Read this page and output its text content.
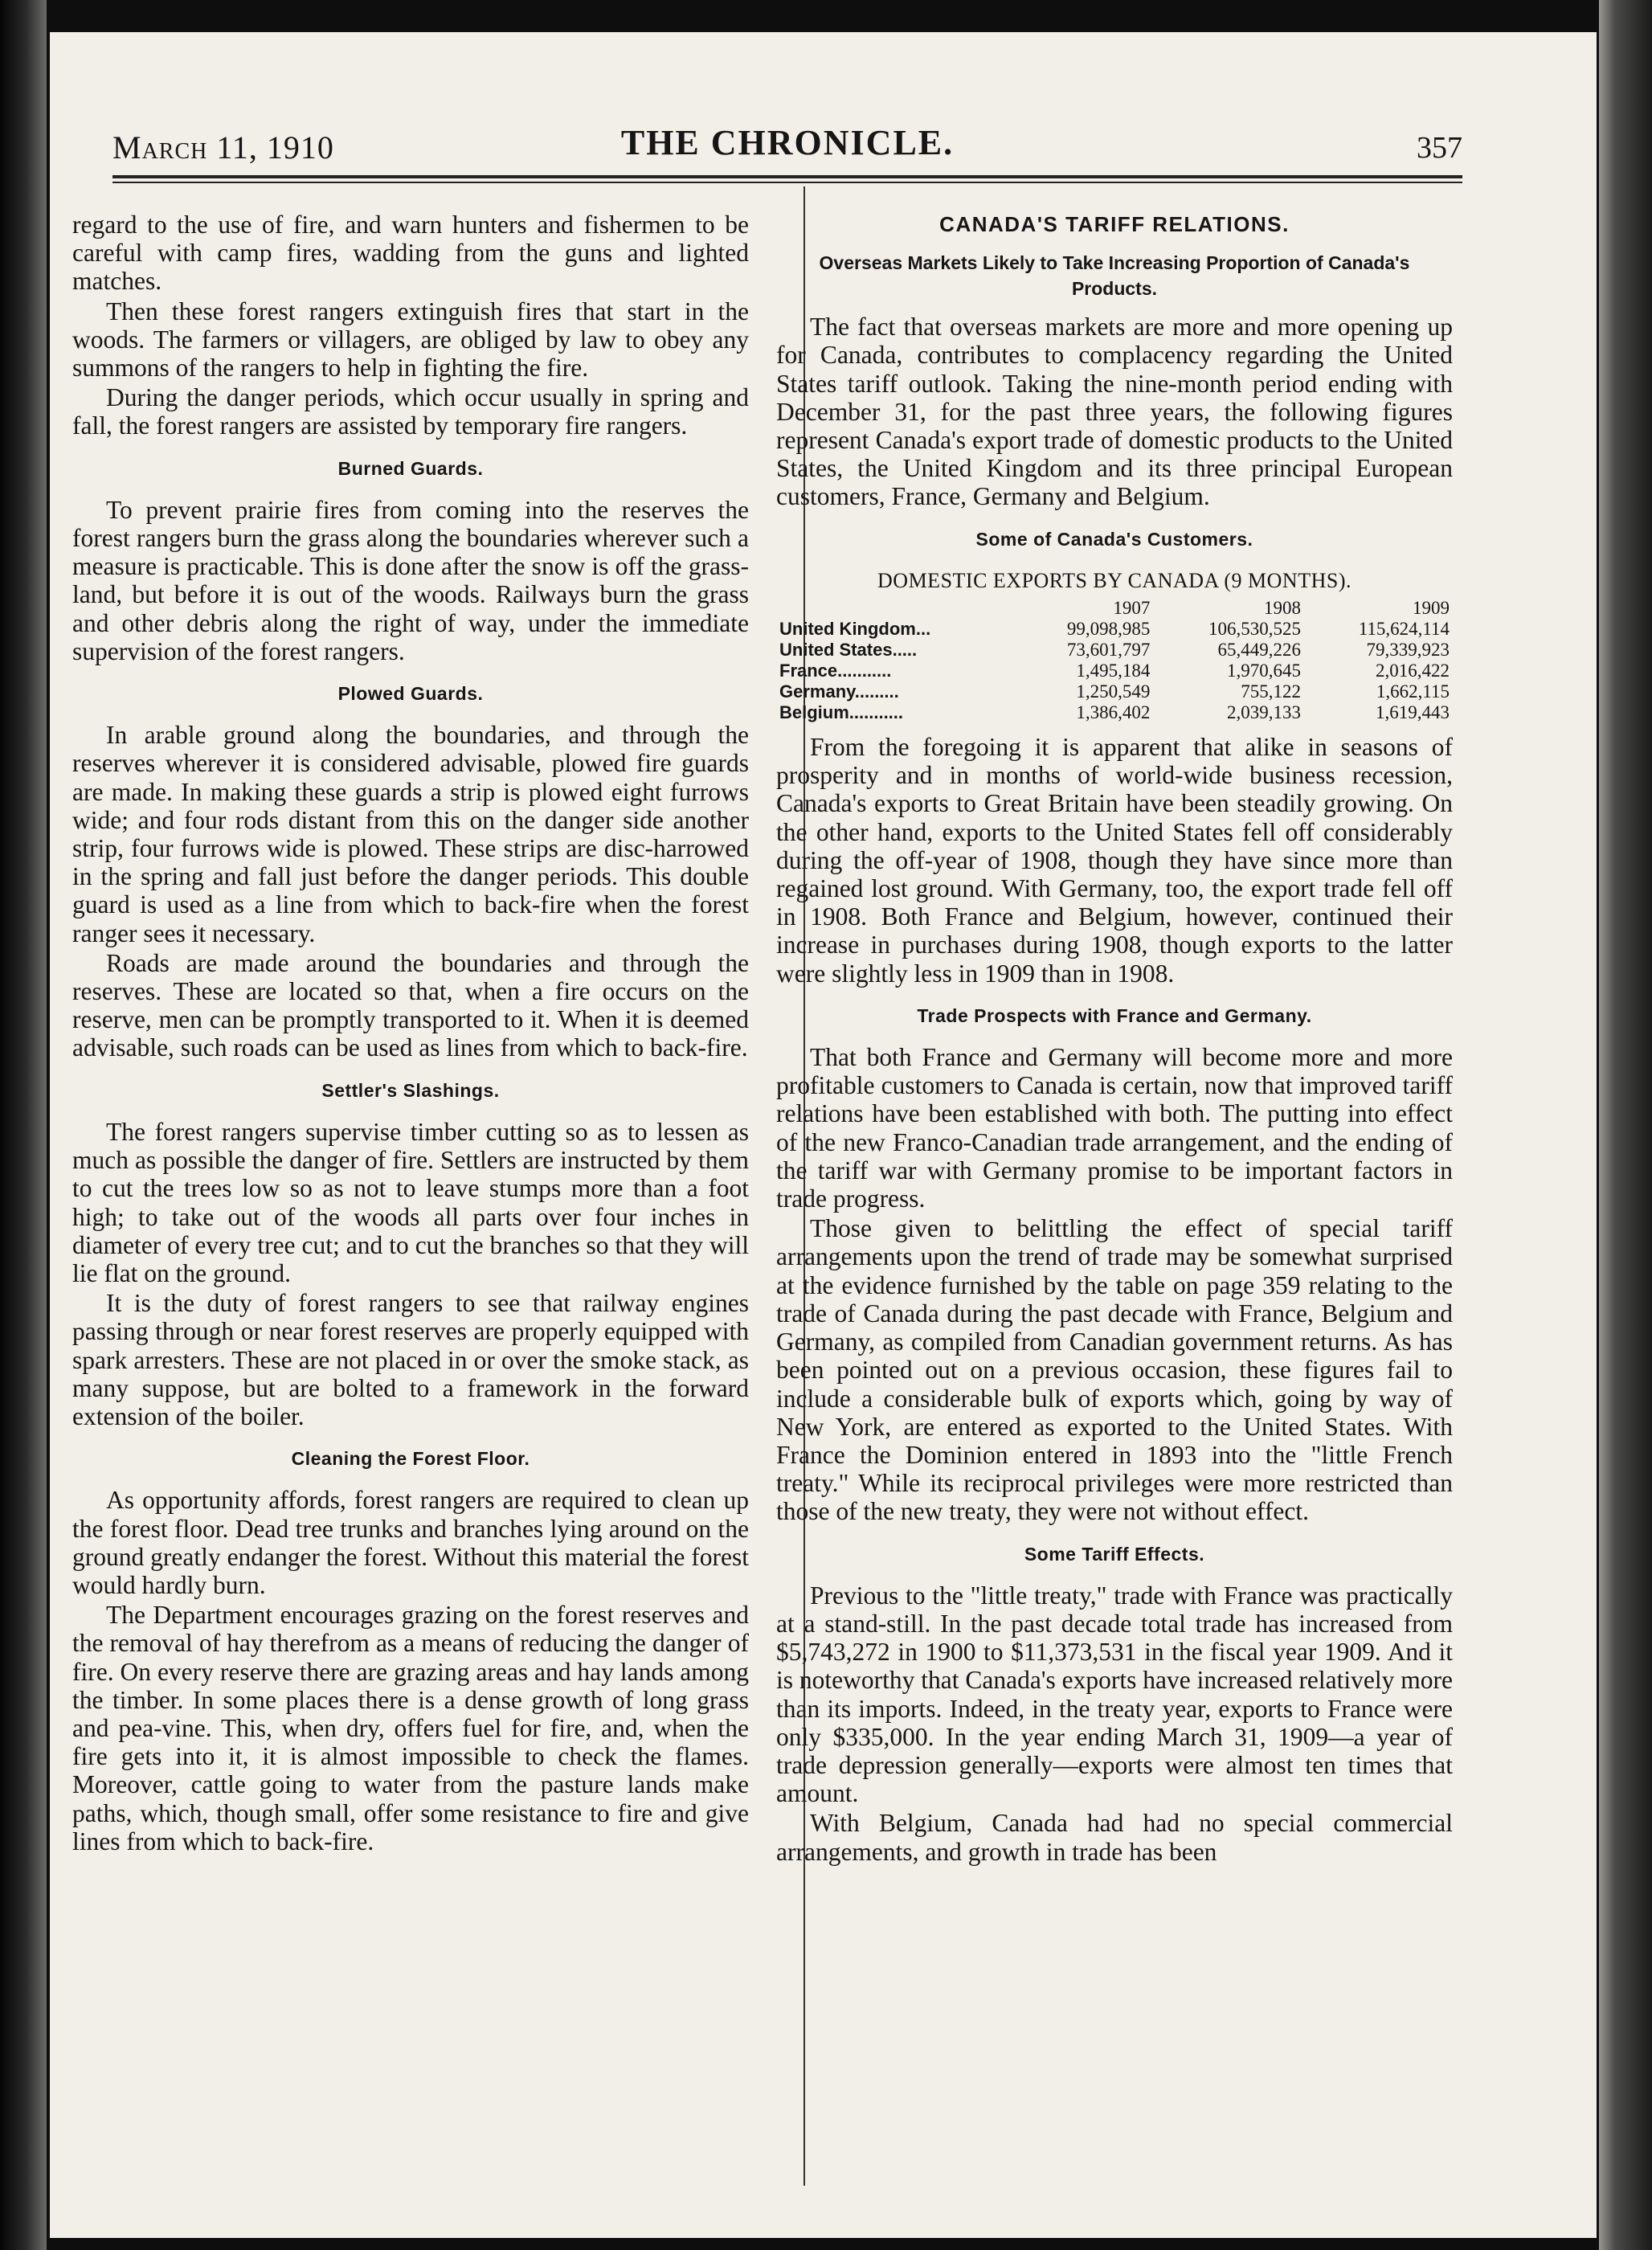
March 11, 1910	THE CHRONICLE.	357

regard to the use of fire, and warn hunters and fishermen to be careful with camp fires, wadding from the guns and lighted matches.

Then these forest rangers extinguish fires that start in the woods. The farmers or villagers, are obliged by law to obey any summons of the rangers to help in fighting the fire.

During the danger periods, which occur usually in spring and fall, the forest rangers are assisted by temporary fire rangers.

Burned Guards.

To prevent prairie fires from coming into the reserves the forest rangers burn the grass along the boundaries wherever such a measure is practicable. This is done after the snow is off the grass-land, but before it is out of the woods. Railways burn the grass and other debris along the right of way, under the immediate supervision of the forest rangers.

Plowed Guards.

In arable ground along the boundaries, and through the reserves wherever it is considered advisable, plowed fire guards are made. In making these guards a strip is plowed eight furrows wide; and four rods distant from this on the danger side another strip, four furrows wide is plowed. These strips are disc-harrowed in the spring and fall just before the danger periods. This double guard is used as a line from which to back-fire when the forest ranger sees it necessary.

Roads are made around the boundaries and through the reserves. These are located so that, when a fire occurs on the reserve, men can be promptly transported to it. When it is deemed advisable, such roads can be used as lines from which to back-fire.

Settler's Slashings.

The forest rangers supervise timber cutting so as to lessen as much as possible the danger of fire. Settlers are instructed by them to cut the trees low so as not to leave stumps more than a foot high; to take out of the woods all parts over four inches in diameter of every tree cut; and to cut the branches so that they will lie flat on the ground.

It is the duty of forest rangers to see that railway engines passing through or near forest reserves are properly equipped with spark arresters. These are not placed in or over the smoke stack, as many suppose, but are bolted to a framework in the forward extension of the boiler.

Cleaning the Forest Floor.

As opportunity affords, forest rangers are required to clean up the forest floor. Dead tree trunks and branches lying around on the ground greatly endanger the forest. Without this material the forest would hardly burn.

The Department encourages grazing on the forest reserves and the removal of hay therefrom as a means of reducing the danger of fire. On every reserve there are grazing areas and hay lands among the timber. In some places there is a dense growth of long grass and pea-vine. This, when dry, offers fuel for fire, and, when the fire gets into it, it is almost impossible to check the flames. Moreover, cattle going to water from the pasture lands make paths, which, though small, offer some resistance to fire and give lines from which to back-fire.

CANADA'S TARIFF RELATIONS.
Overseas Markets Likely to Take Increasing Proportion of Canada's Products.

The fact that overseas markets are more and more opening up for Canada, contributes to complacency regarding the United States tariff outlook. Taking the nine-month period ending with December 31, for the past three years, the following figures represent Canada's export trade of domestic products to the United States, the United Kingdom and its three principal European customers, France, Germany and Belgium.

Some of Canada's Customers.
DOMESTIC EXPORTS BY CANADA (9 MONTHS).
	1907	1908	1909
United Kingdom...	99,098,985	106,530,525	115,624,114
United States.....	73,601,797	65,449,226	79,339,923
France...........	1,495,184	1,970,645	2,016,422
Germany.........	1,250,549	755,122	1,662,115
Belgium...........	1,386,402	2,039,133	1,619,443

From the foregoing it is apparent that alike in seasons of prosperity and in months of world-wide business recession, Canada's exports to Great Britain have been steadily growing. On the other hand, exports to the United States fell off considerably during the off-year of 1908, though they have since more than regained lost ground. With Germany, too, the export trade fell off in 1908. Both France and Belgium, however, continued their increase in purchases during 1908, though exports to the latter were slightly less in 1909 than in 1908.

Trade Prospects with France and Germany.

That both France and Germany will become more and more profitable customers to Canada is certain, now that improved tariff relations have been established with both. The putting into effect of the new Franco-Canadian trade arrangement, and the ending of the tariff war with Germany promise to be important factors in trade progress.

Those given to belittling the effect of special tariff arrangements upon the trend of trade may be somewhat surprised at the evidence furnished by the table on page 359 relating to the trade of Canada during the past decade with France, Belgium and Germany, as compiled from Canadian government returns. As has been pointed out on a previous occasion, these figures fail to include a considerable bulk of exports which, going by way of New York, are entered as exported to the United States. With France the Dominion entered in 1893 into the "little French treaty." While its reciprocal privileges were more restricted than those of the new treaty, they were not without effect.

Some Tariff Effects.

Previous to the "little treaty," trade with France was practically at a stand-still. In the past decade total trade has increased from $5,743,272 in 1900 to $11,373,531 in the fiscal year 1909. And it is noteworthy that Canada's exports have increased relatively more than its imports. Indeed, in the treaty year, exports to France were only $335,000. In the year ending March 31, 1909—a year of trade depression generally—exports were almost ten times that amount.

With Belgium, Canada had had no special commercial arrangements, and growth in trade has been
